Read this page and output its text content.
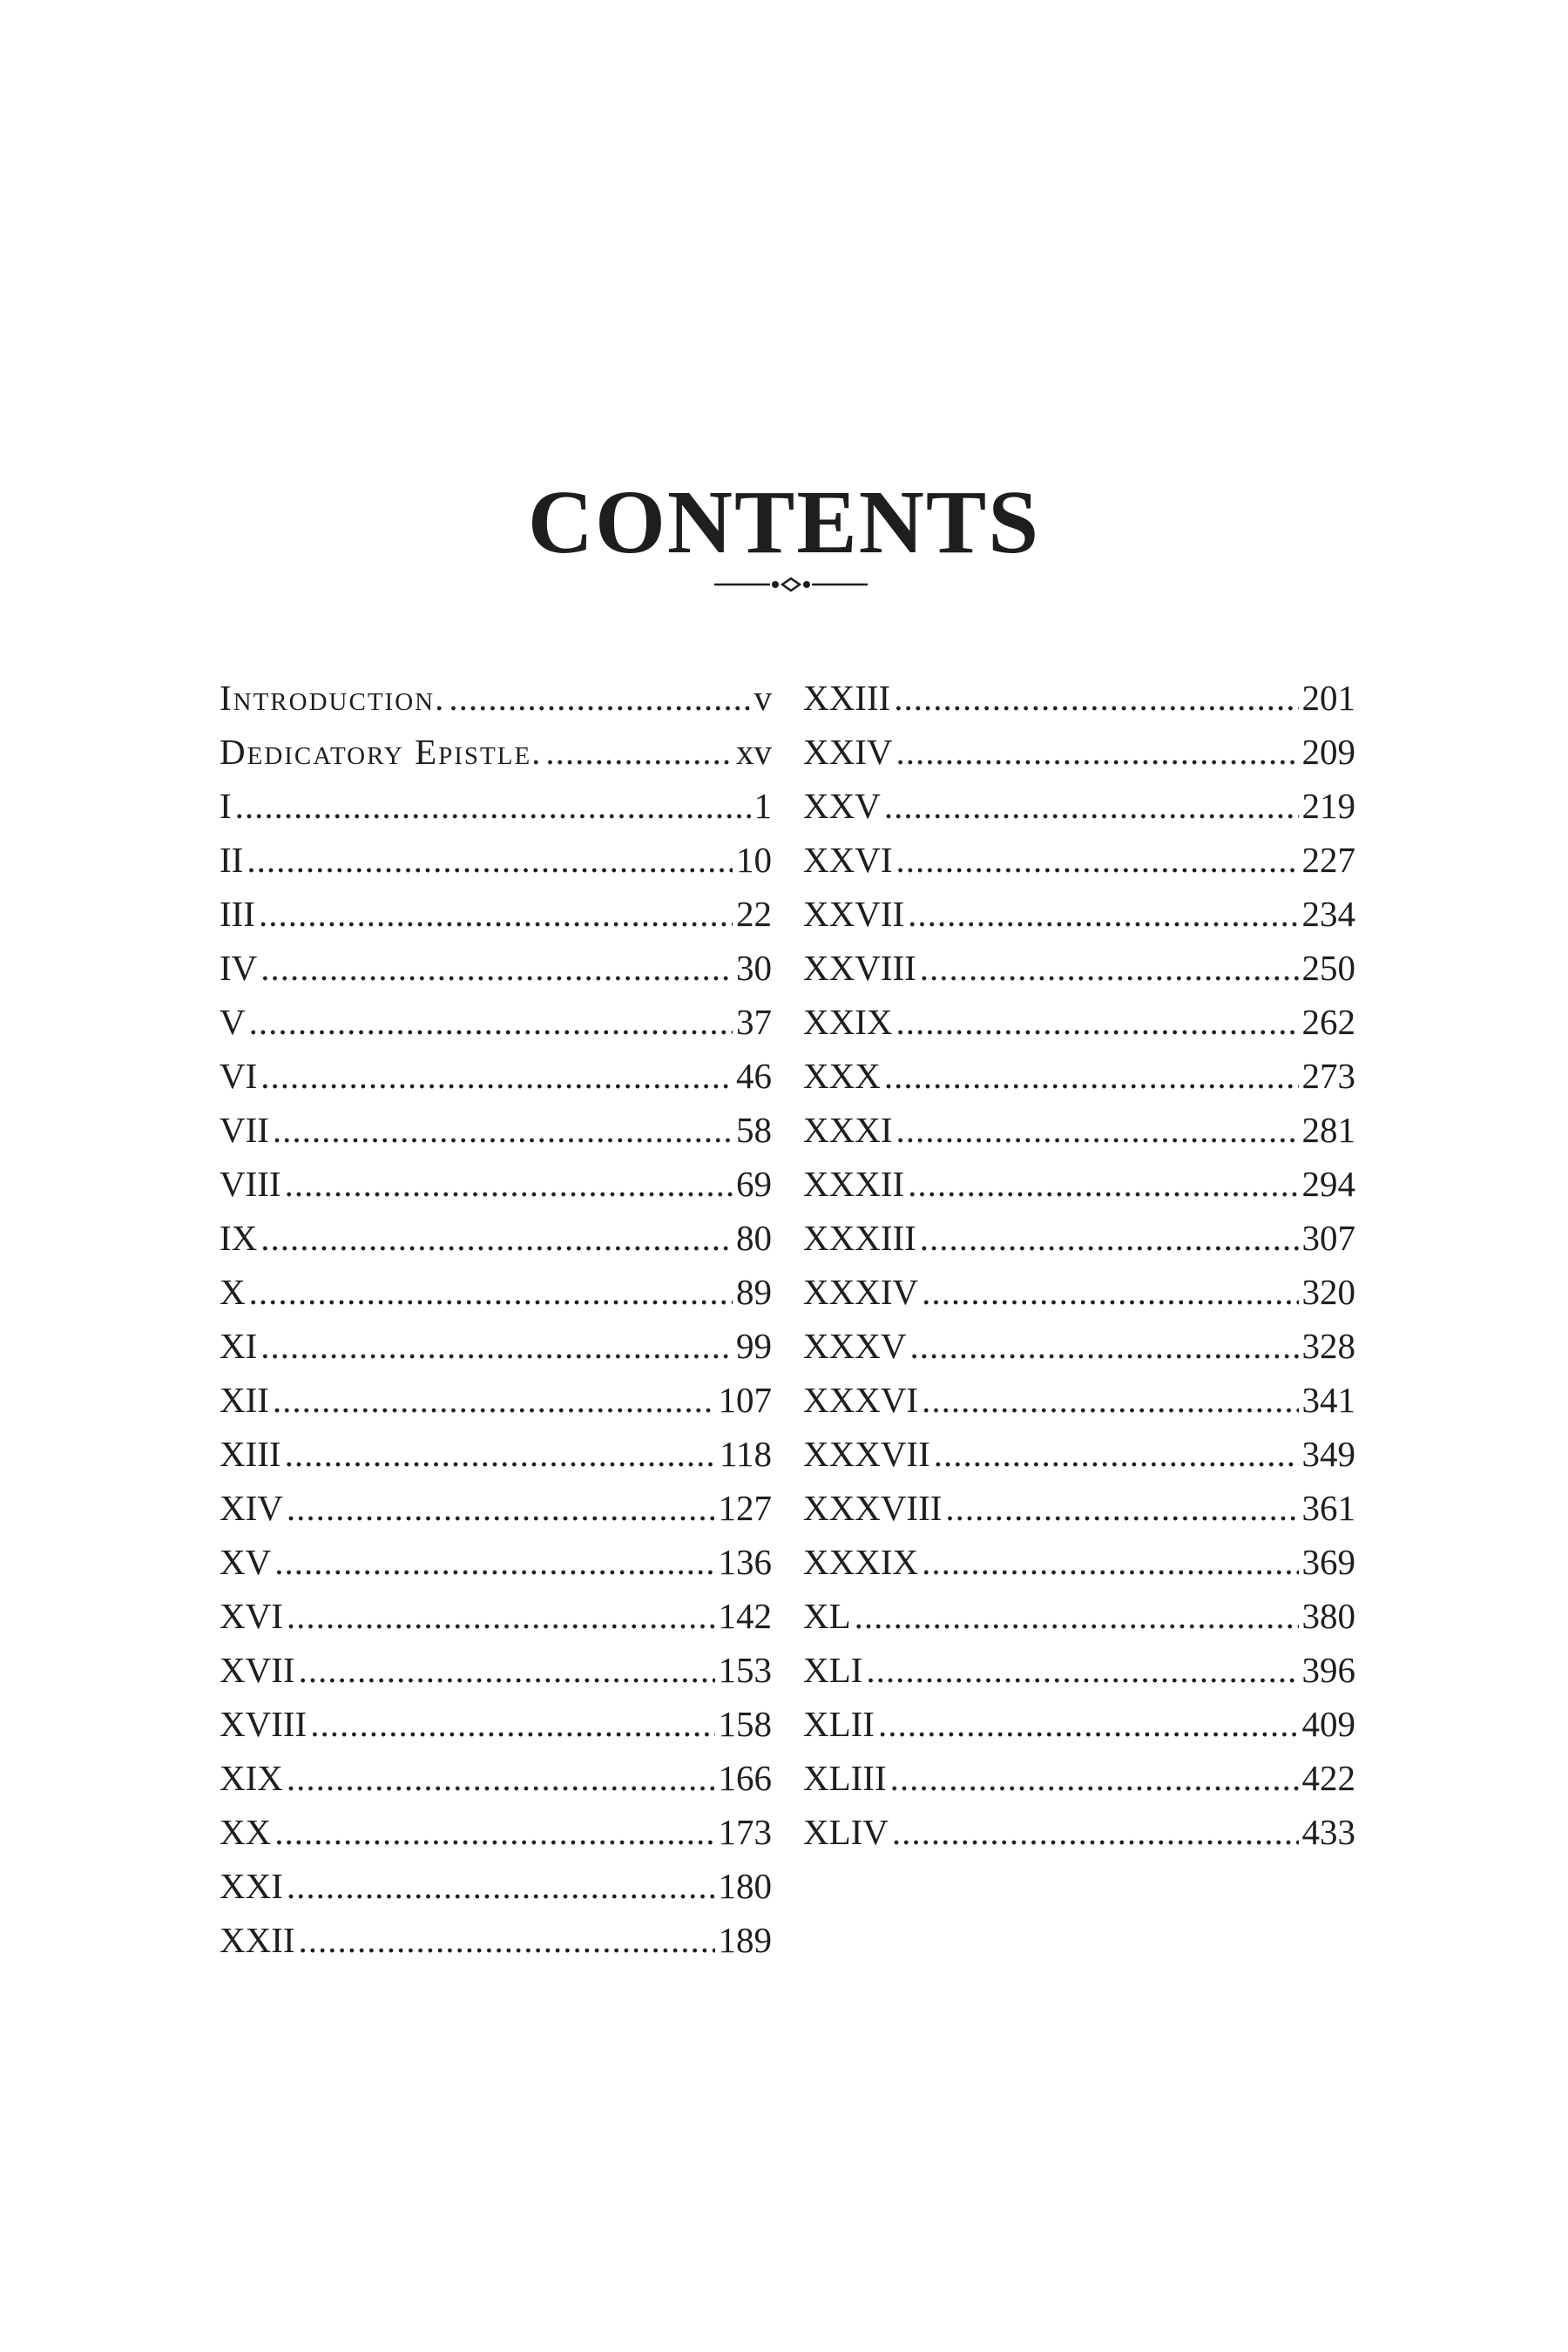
CONTENTS
Introduction. .....	v
Dedicatory Epistle. .....	xv
I .....	1
II .....	10
III .....	22
IV .....	30
V .....	37
VI .....	46
VII .....	58
VIII .....	69
IX .....	80
X .....	89
XI .....	99
XII .....	107
XIII .....	118
XIV .....	127
XV .....	136
XVI .....	142
XVII .....	153
XVIII .....	158
XIX .....	166
XX .....	173
XXI .....	180
XXII .....	189
XXIII .....	201
XXIV .....	209
XXV .....	219
XXVI .....	227
XXVII .....	234
XXVIII .....	250
XXIX .....	262
XXX .....	273
XXXI .....	281
XXXII .....	294
XXXIII .....	307
XXXIV .....	320
XXXV .....	328
XXXVI .....	341
XXXVII .....	349
XXXVIII .....	361
XXXIX .....	369
XL .....	380
XLI .....	396
XLII .....	409
XLIII .....	422
XLIV .....	433
